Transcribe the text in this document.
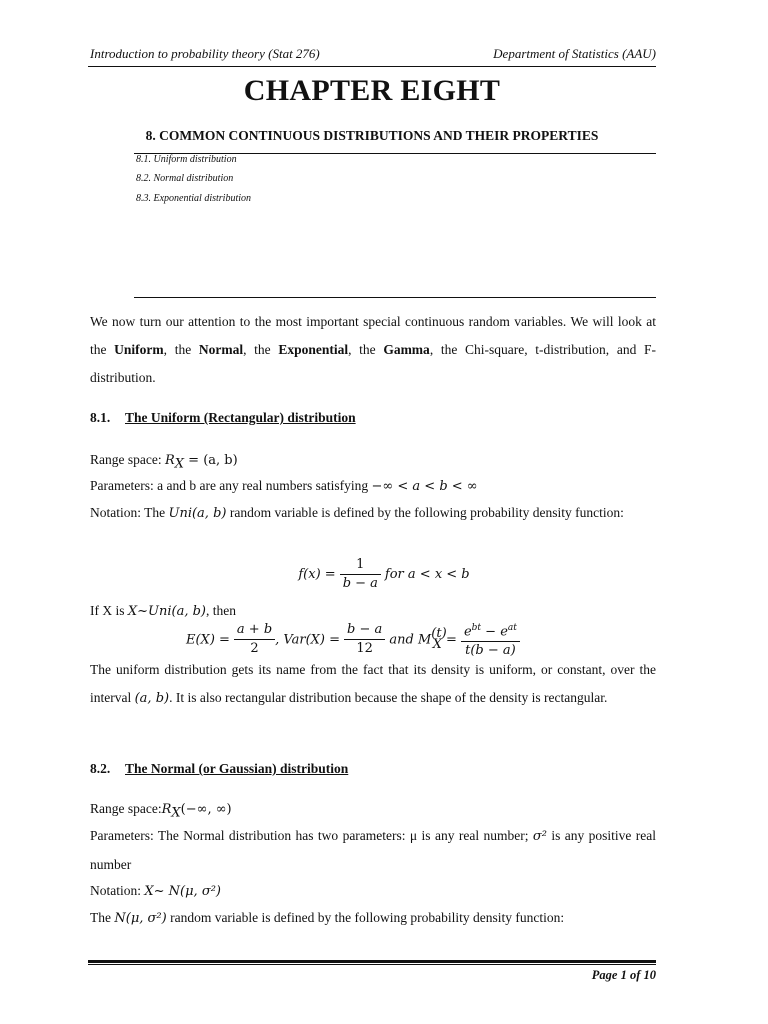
Introduction to probability theory (Stat 276)	Department of Statistics (AAU)
CHAPTER EIGHT
8. COMMON CONTINUOUS DISTRIBUTIONS AND THEIR PROPERTIES
8.1. Uniform distribution
8.2. Normal distribution
8.3. Exponential distribution
We now turn our attention to the most important special continuous random variables. We will look at the Uniform, the Normal, the Exponential, the Gamma, the Chi-square, t-distribution, and F-distribution.
8.1. The Uniform (Rectangular) distribution
Range space: $R_X = (a$, b)
Parameters: a and b are any real numbers satisfying −∞ < a < b < ∞
Notation: The Uni(a, b) random variable is defined by the following probability density function:
$f(x) = \frac{1}{b - a}$ for a < x < b
If X is X~Uni(a, b), then
$E(X) = \frac{a + b}{2}$ , $Var(X) = \frac{b - a}{12}$ and $M^{(t)}_X = \frac{e^{bt} - e^{at}}{t(b - a)}$
The uniform distribution gets its name from the fact that its density is uniform, or constant, over the interval (a, b). It is also rectangular distribution because the shape of the density is rectangular.
8.2. The Normal (or Gaussian) distribution
Range $space:R_X(-\infty$, ∞)
Parameters: The Normal distribution has two parameters: μ is any real number; σ² is any positive real number
Notation: X~ N(μ, σ²)
The N(μ, σ²) random variable is defined by the following probability density function:
Page 1 of 10
